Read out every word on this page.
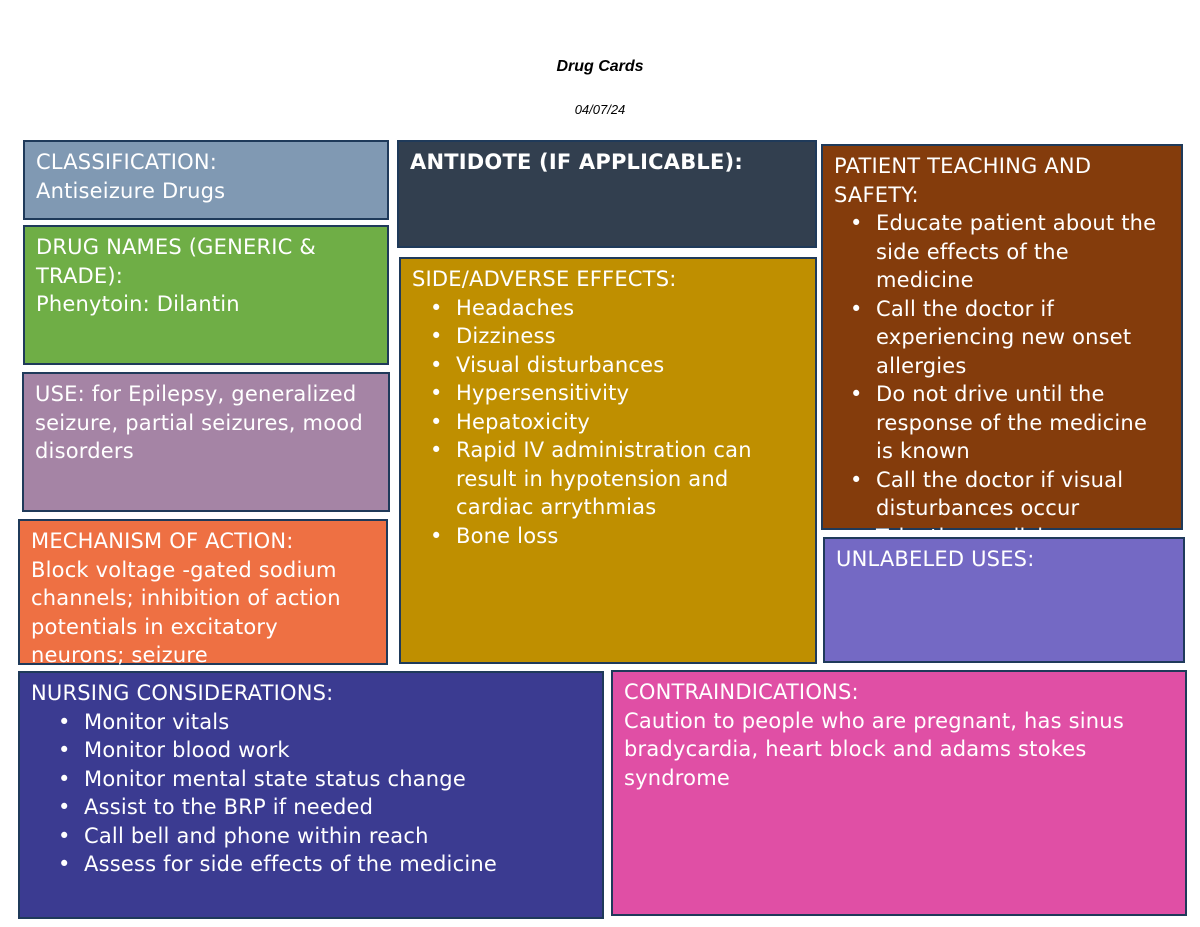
Drug Cards
04/07/24

CLASSIFICATION:

Antiseizure Drugs

DRUG NAMES (GENERIC & TRADE):

Phenytoin: Dilantin

USE: for Epilepsy, generalized seizure, partial seizures, mood disorders

MECHANISM OF ACTION:

Block voltage -gated sodium channels; inhibition of action potentials in excitatory neurons; seizure

ANTIDOTE (IF APPLICABLE):

SIDE/ADVERSE EFFECTS:

• Headaches
• Dizziness
• Visual disturbances
• Hypersensitivity
• Hepatoxicity
• Rapid IV administration can result in hypotension and cardiac arrythmias
• Bone loss

PATIENT TEACHING AND SAFETY:

• Educate patient about the side effects of the medicine
• Call the doctor if experiencing new onset allergies
• Do not drive until the response of the medicine is known
• Call the doctor if visual disturbances occur
•

UNLABELED USES:

NURSING CONSIDERATIONS:

• Monitor vitals
• Monitor blood work
• Monitor mental state status change
• Assist to the BRP if needed
• Call bell and phone within reach
• Assess for side effects of the medicine

CONTRAINDICATIONS:

Caution to people who are pregnant, has sinus bradycardia, heart block and adams stokes syndrome
